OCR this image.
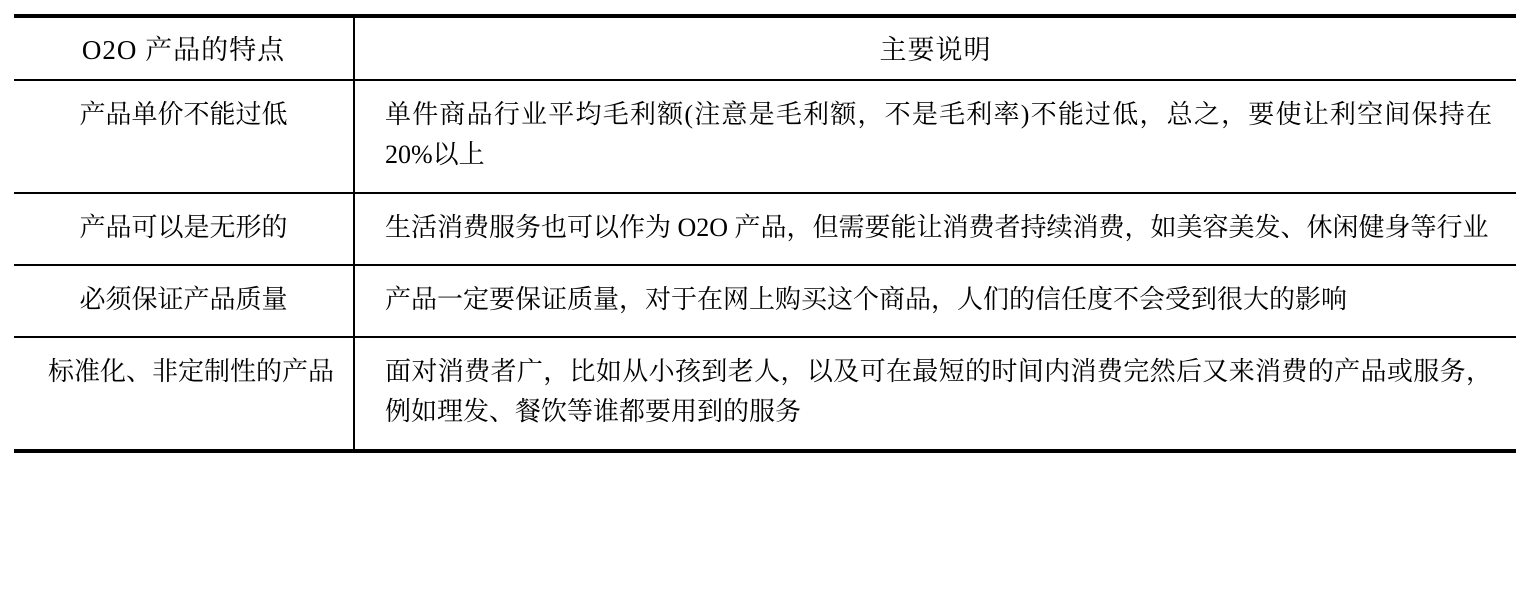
O2O 产品的特点	主要说明

产品单价不能过低	单件商品行业平均毛利额(注意是毛利额，不是毛利率)不能过低，总之，要使让利空间保持在 20%以上

产品可以是无形的	生活消费服务也可以作为 O2O 产品，但需要能让消费者持续消费，如美容美发、休闲健身等行业

必须保证产品质量	产品一定要保证质量，对于在网上购买这个商品，人们的信任度不会受到很大的影响

标准化、非定制性的产品	面对消费者广，比如从小孩到老人，以及可在最短的时间内消费完然后又来消费的产品或服务，例如理发、餐饮等谁都要用到的服务
